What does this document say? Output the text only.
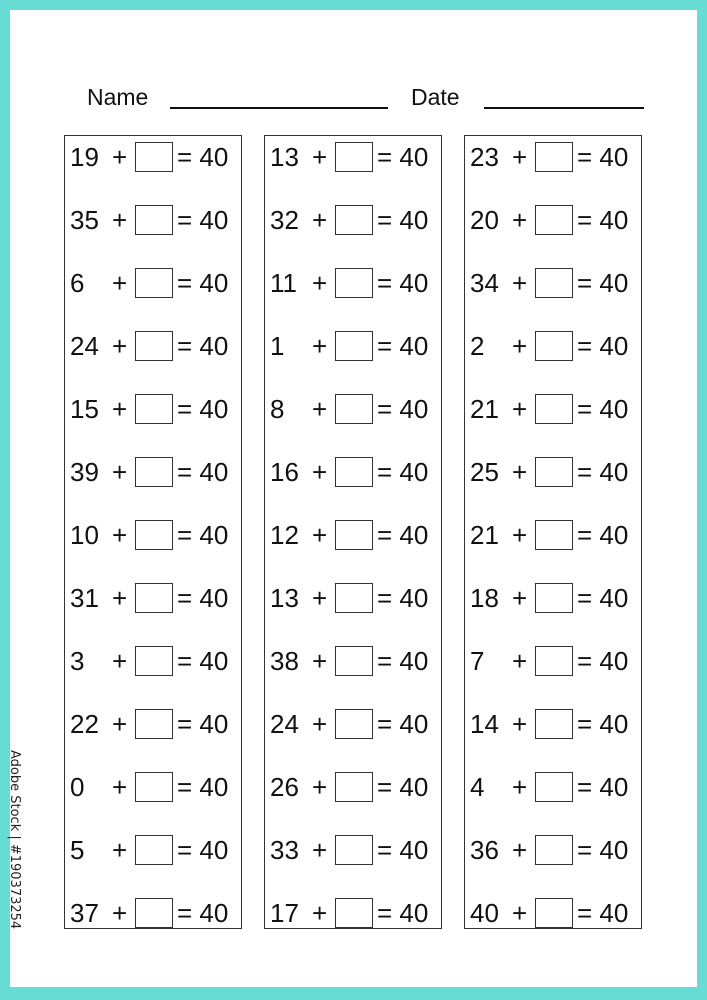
Name	Date
19 + = 40
35 + = 40
6 + = 40
24 + = 40
15 + = 40
39 + = 40
10 + = 40
31 + = 40
3 + = 40
22 + = 40
0 + = 40
5 + = 40
37 + = 40
13 + = 40
32 + = 40
11 + = 40
1 + = 40
8 + = 40
16 + = 40
12 + = 40
13 + = 40
38 + = 40
24 + = 40
26 + = 40
33 + = 40
17 + = 40
23 + = 40
20 + = 40
34 + = 40
2 + = 40
21 + = 40
25 + = 40
21 + = 40
18 + = 40
7 + = 40
14 + = 40
4 + = 40
36 + = 40
40 + = 40
Adobe Stock | #190373254
